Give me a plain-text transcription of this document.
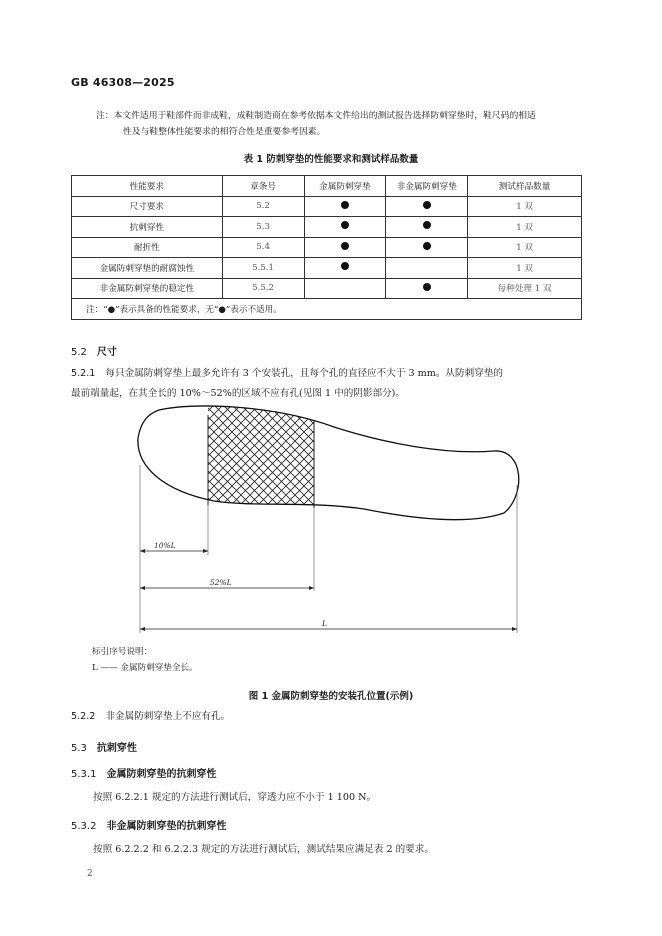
GB 46308—2025
注：本文件适用于鞋部件而非成鞋，成鞋制造商在参考依据本文件给出的测试报告选择防刺穿垫时，鞋尺码的相适
性及与鞋整体性能要求的相符合性是重要参考因素。
表 1 防刺穿垫的性能要求和测试样品数量
性能要求	章条号	金属防刺穿垫	非金属防刺穿垫	测试样品数量
尺寸要求	5.2			1 双
抗刺穿性	5.3			1 双
耐折性	5.4			1 双
金属防刺穿垫的耐腐蚀性	5.5.1			1 双
非金属防刺穿垫的稳定性	5.5.2			每种处理 1 双
注：“●”表示具备的性能要求，无“●”表示不适用。				
5.2 尺寸
5.2.1 每只金属防刺穿垫上最多允许有 3 个安装孔，且每个孔的直径应不大于 3 mm。从防刺穿垫的
最前端量起，在其全长的 10%～52%的区域不应有孔(见图 1 中的阴影部分)。
10%L
52%L
L
标引序号说明：
L —— 金属防刺穿垫全长。
图 1 金属防刺穿垫的安装孔位置(示例)
5.2.2 非金属防刺穿垫上不应有孔。
5.3 抗刺穿性
5.3.1 金属防刺穿垫的抗刺穿性
按照 6.2.2.1 规定的方法进行测试后，穿透力应不小于 1 100 N。
5.3.2 非金属防刺穿垫的抗刺穿性
按照 6.2.2.2 和 6.2.2.3 规定的方法进行测试后，测试结果应满足表 2 的要求。
2
